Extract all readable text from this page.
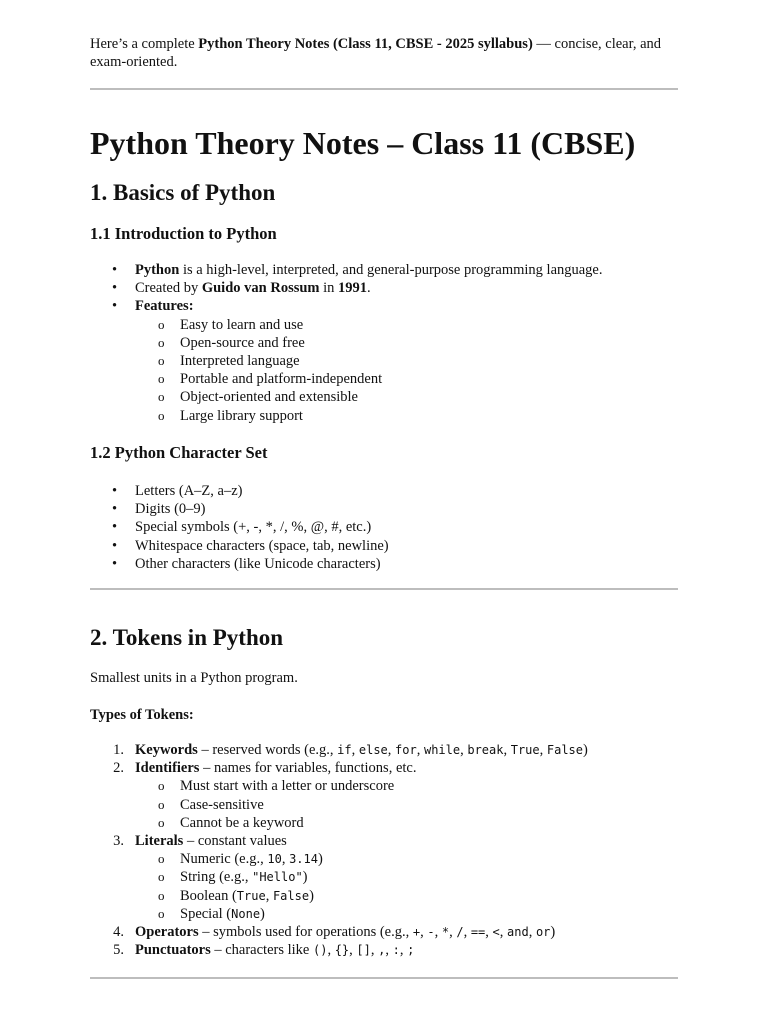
Here’s a complete Python Theory Notes (Class 11, CBSE - 2025 syllabus) — concise, clear, and exam-oriented.

Python Theory Notes – Class 11 (CBSE)
1. Basics of Python
1.1 Introduction to Python
• Python is a high-level, interpreted, and general-purpose programming language.
• Created by Guido van Rossum in 1991.
• Features:
o Easy to learn and use
o Open-source and free
o Interpreted language
o Portable and platform-independent
o Object-oriented and extensible
o Large library support
1.2 Python Character Set
• Letters (A–Z, a–z)
• Digits (0–9)
• Special symbols (+, -, *, /, %, @, #, etc.)
• Whitespace characters (space, tab, newline)
• Other characters (like Unicode characters)
2. Tokens in Python

Smallest units in a Python program.

Types of Tokens:

1. Keywords – reserved words (e.g., if, else, for, while, break, True, False)
2. Identifiers – names for variables, functions, etc.
o Must start with a letter or underscore
o Case-sensitive
o Cannot be a keyword
3. Literals – constant values
o Numeric (e.g., 10, 3.14)
o String (e.g., "Hello")
o Boolean (True, False)
o Special (None)
4. Operators – symbols used for operations (e.g., +, -, *, /, ==, <, and, or)
5. Punctuators – characters like (), {}, [], ,, :, ;
